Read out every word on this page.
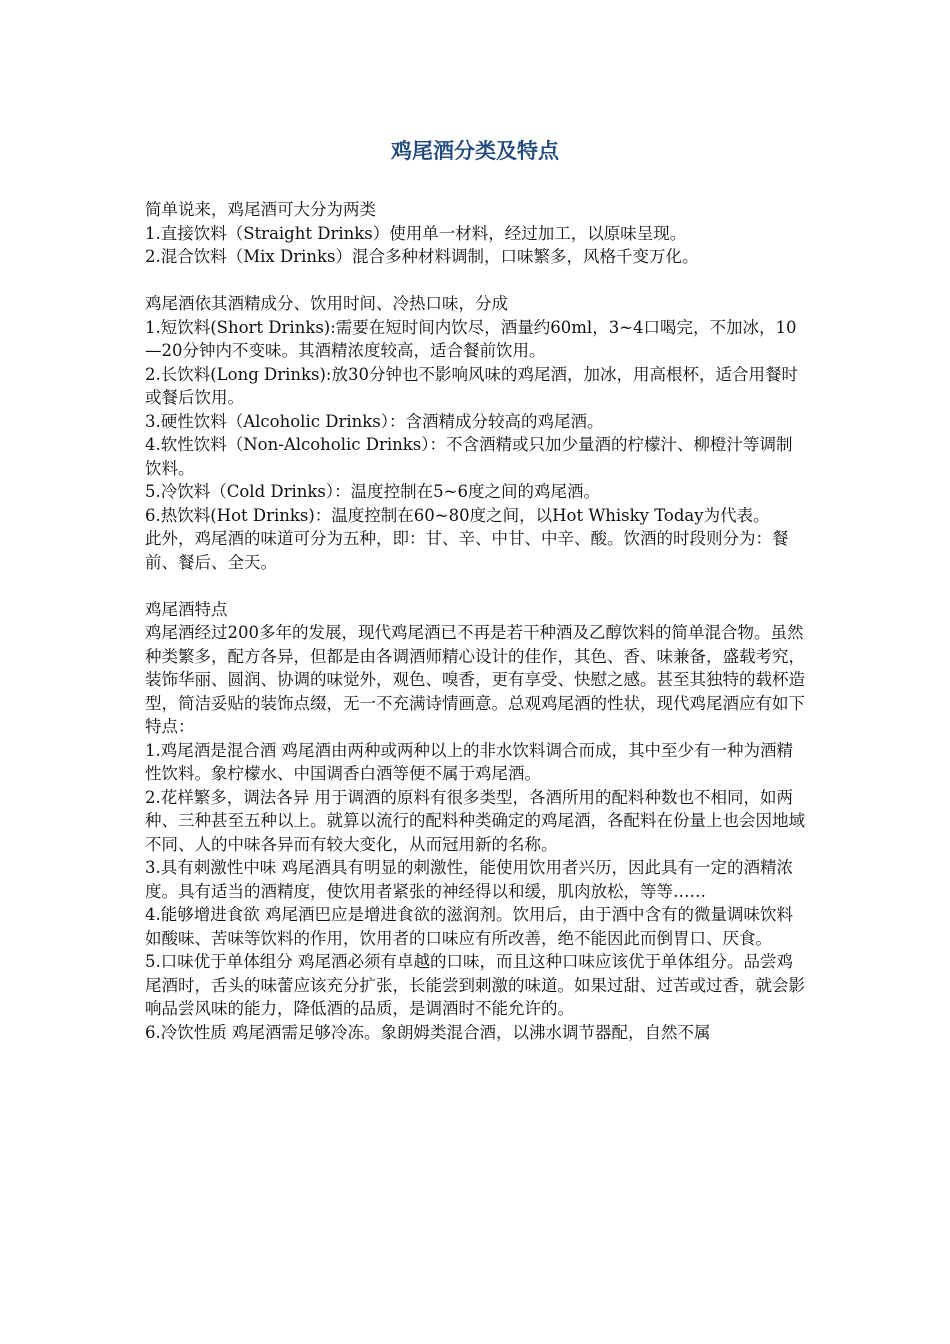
鸡尾酒分类及特点

简单说来，鸡尾酒可大分为两类

1.直接饮料（Straight Drinks）使用单一材料，经过加工，以原味呈现。

2.混合饮料（Mix Drinks）混合多种材料调制，口味繁多，风格千变万化。

鸡尾酒依其酒精成分、饮用时间、冷热口味，分成

1.短饮料(Short Drinks):需要在短时间内饮尽，酒量约60ml，3~4口喝完，不加冰，10—20分钟内不变味。其酒精浓度较高，适合餐前饮用。

2.长饮料(Long Drinks):放30分钟也不影响风味的鸡尾酒，加冰，用高根杯，适合用餐时或餐后饮用。

3.硬性饮料（Alcoholic Drinks）：含酒精成分较高的鸡尾酒。

4.软性饮料（Non-Alcoholic Drinks）：不含酒精或只加少量酒的柠檬汁、柳橙汁等调制饮料。

5.冷饮料（Cold Drinks）：温度控制在5~6度之间的鸡尾酒。

6.热饮料(Hot Drinks)：温度控制在60~80度之间，以Hot Whisky Today为代表。

此外，鸡尾酒的味道可分为五种，即：甘、辛、中甘、中辛、酸。饮酒的时段则分为：餐前、餐后、全天。

鸡尾酒特点

鸡尾酒经过200多年的发展，现代鸡尾酒已不再是若干种酒及乙醇饮料的简单混合物。虽然种类繁多，配方各异，但都是由各调酒师精心设计的佳作，其色、香、味兼备，盛载考究，装饰华丽、圆润、协调的味觉外，观色、嗅香，更有享受、快慰之感。甚至其独特的载杯造型，简洁妥贴的装饰点缀，无一不充满诗情画意。总观鸡尾酒的性状，现代鸡尾酒应有如下特点：

1.鸡尾酒是混合酒 鸡尾酒由两种或两种以上的非水饮料调合而成，其中至少有一种为酒精性饮料。象柠檬水、中国调香白酒等便不属于鸡尾酒。

2.花样繁多，调法各异 用于调酒的原料有很多类型，各酒所用的配料种数也不相同，如两种、三种甚至五种以上。就算以流行的配料种类确定的鸡尾酒，各配料在份量上也会因地域不同、人的中味各异而有较大变化，从而冠用新的名称。

3.具有刺激性中味 鸡尾酒具有明显的刺激性，能使用饮用者兴历，因此具有一定的酒精浓度。具有适当的酒精度，使饮用者紧张的神经得以和缓，肌肉放松，等等……

4.能够增进食欲 鸡尾酒巴应是增进食欲的滋润剂。饮用后，由于酒中含有的微量调味饮料如酸味、苦味等饮料的作用，饮用者的口味应有所改善，绝不能因此而倒胃口、厌食。

5.口味优于单体组分 鸡尾酒必须有卓越的口味，而且这种口味应该优于单体组分。品尝鸡尾酒时，舌头的味蕾应该充分扩张，长能尝到刺激的味道。如果过甜、过苦或过香，就会影响品尝风味的能力，降低酒的品质，是调酒时不能允许的。

6.冷饮性质 鸡尾酒需足够冷冻。象朗姆类混合酒，以沸水调节器配，自然不属
